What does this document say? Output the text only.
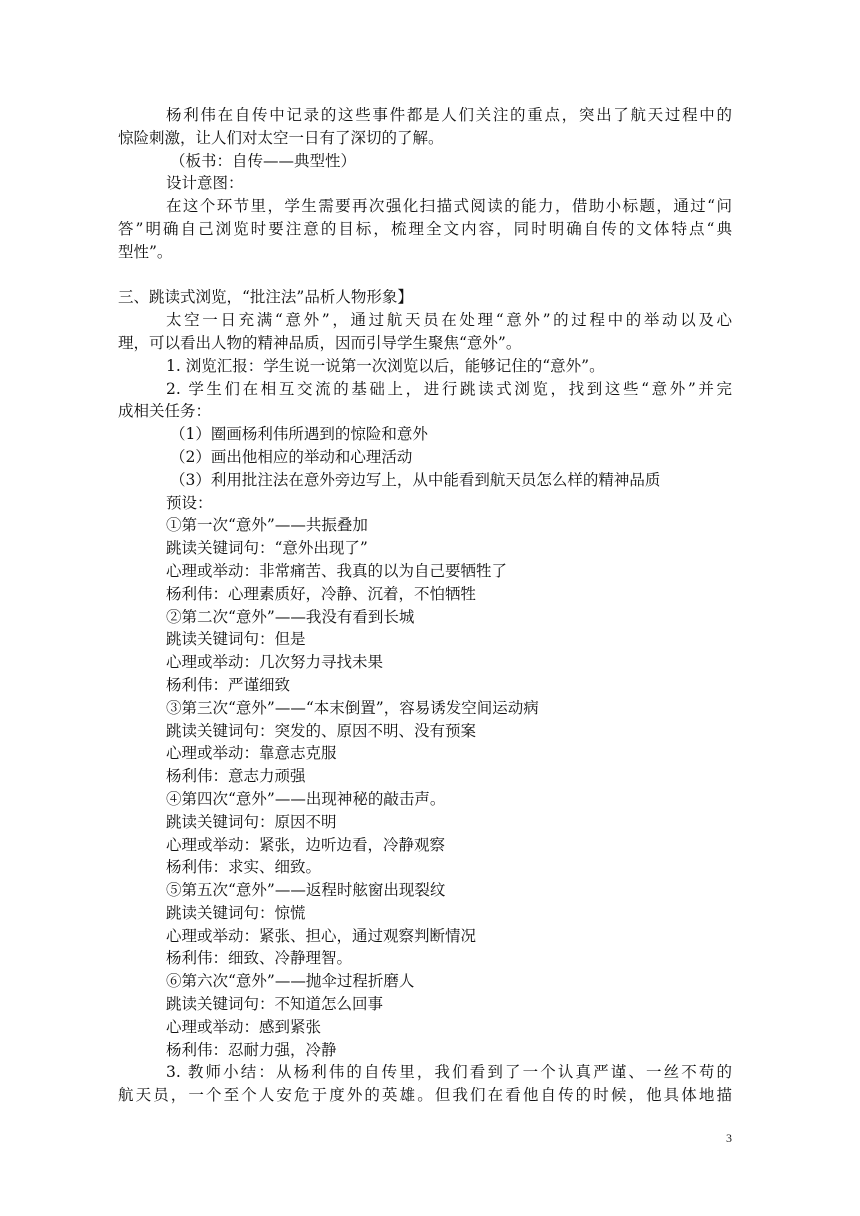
杨利伟在自传中记录的这些事件都是人们关注的重点，突出了航天过程中的
惊险刺激，让人们对太空一日有了深切的了解。
（板书：自传——典型性）
设计意图：
在这个环节里，学生需要再次强化扫描式阅读的能力，借助小标题，通过“问
答”明确自己浏览时要注意的目标，梳理全文内容，同时明确自传的文体特点“典
型性”。
三、跳读式浏览，“批注法”品析人物形象】
太空一日充满“意外”，通过航天员在处理“意外”的过程中的举动以及心
理，可以看出人物的精神品质，因而引导学生聚焦“意外”。
1. 浏览汇报：学生说一说第一次浏览以后，能够记住的“意外”。
2. 学生们在相互交流的基础上，进行跳读式浏览，找到这些“意外”并完
成相关任务：
（1）圈画杨利伟所遇到的惊险和意外
（2）画出他相应的举动和心理活动
（3）利用批注法在意外旁边写上，从中能看到航天员怎么样的精神品质
预设：
①第一次“意外”——共振叠加
跳读关键词句：“意外出现了”
心理或举动：非常痛苦、我真的以为自己要牺牲了
杨利伟：心理素质好，冷静、沉着，不怕牺牲
②第二次“意外”——我没有看到长城
跳读关键词句：但是
心理或举动：几次努力寻找未果
杨利伟：严谨细致
③第三次“意外”——“本末倒置”，容易诱发空间运动病
跳读关键词句：突发的、原因不明、没有预案
心理或举动：靠意志克服
杨利伟：意志力顽强
④第四次“意外”——出现神秘的敲击声。
跳读关键词句：原因不明
心理或举动：紧张，边听边看，冷静观察
杨利伟：求实、细致。
⑤第五次“意外”——返程时舷窗出现裂纹
跳读关键词句：惊慌
心理或举动：紧张、担心，通过观察判断情况
杨利伟：细致、冷静理智。
⑥第六次“意外”——抛伞过程折磨人
跳读关键词句：不知道怎么回事
心理或举动：感到紧张
杨利伟：忍耐力强，冷静
3. 教师小结：从杨利伟的自传里，我们看到了一个认真严谨、一丝不苟的
航天员，一个至个人安危于度外的英雄。但我们在看他自传的时候，他具体地描
3
